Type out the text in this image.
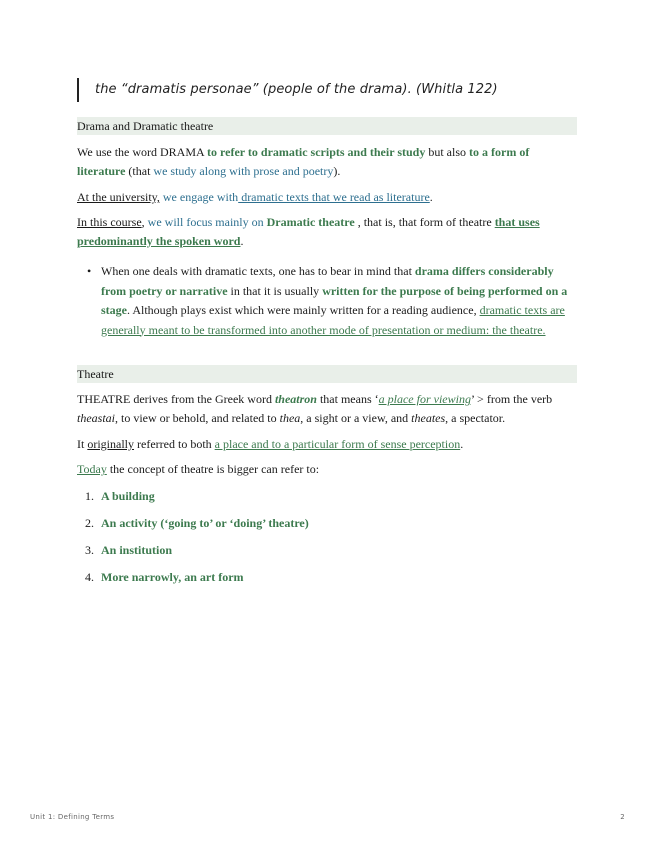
the “dramatis personae” (people of the drama). (Whitla 122)
Drama and Dramatic theatre
We use the word DRAMA to refer to dramatic scripts and their study but also to a form of literature (that we study along with prose and poetry).
At the university, we engage with dramatic texts that we read as literature.
In this course, we will focus mainly on Dramatic theatre , that is, that form of theatre that uses predominantly the spoken word.
• When one deals with dramatic texts, one has to bear in mind that drama differs considerably from poetry or narrative in that it is usually written for the purpose of being performed on a stage. Although plays exist which were mainly written for a reading audience, dramatic texts are generally meant to be transformed into another mode of presentation or medium: the theatre.
Theatre
THEATRE derives from the Greek word theatron that means ‘a place for viewing’ > from the verb theastai, to view or behold, and related to thea, a sight or a view, and theates, a spectator.
It originally referred to both a place and to a particular form of sense perception.
Today the concept of theatre is bigger can refer to:
1. A building
2. An activity (‘going to’ or ‘doing’ theatre)
3. An institution
4. More narrowly, an art form
Unit 1: Defining Terms	2
